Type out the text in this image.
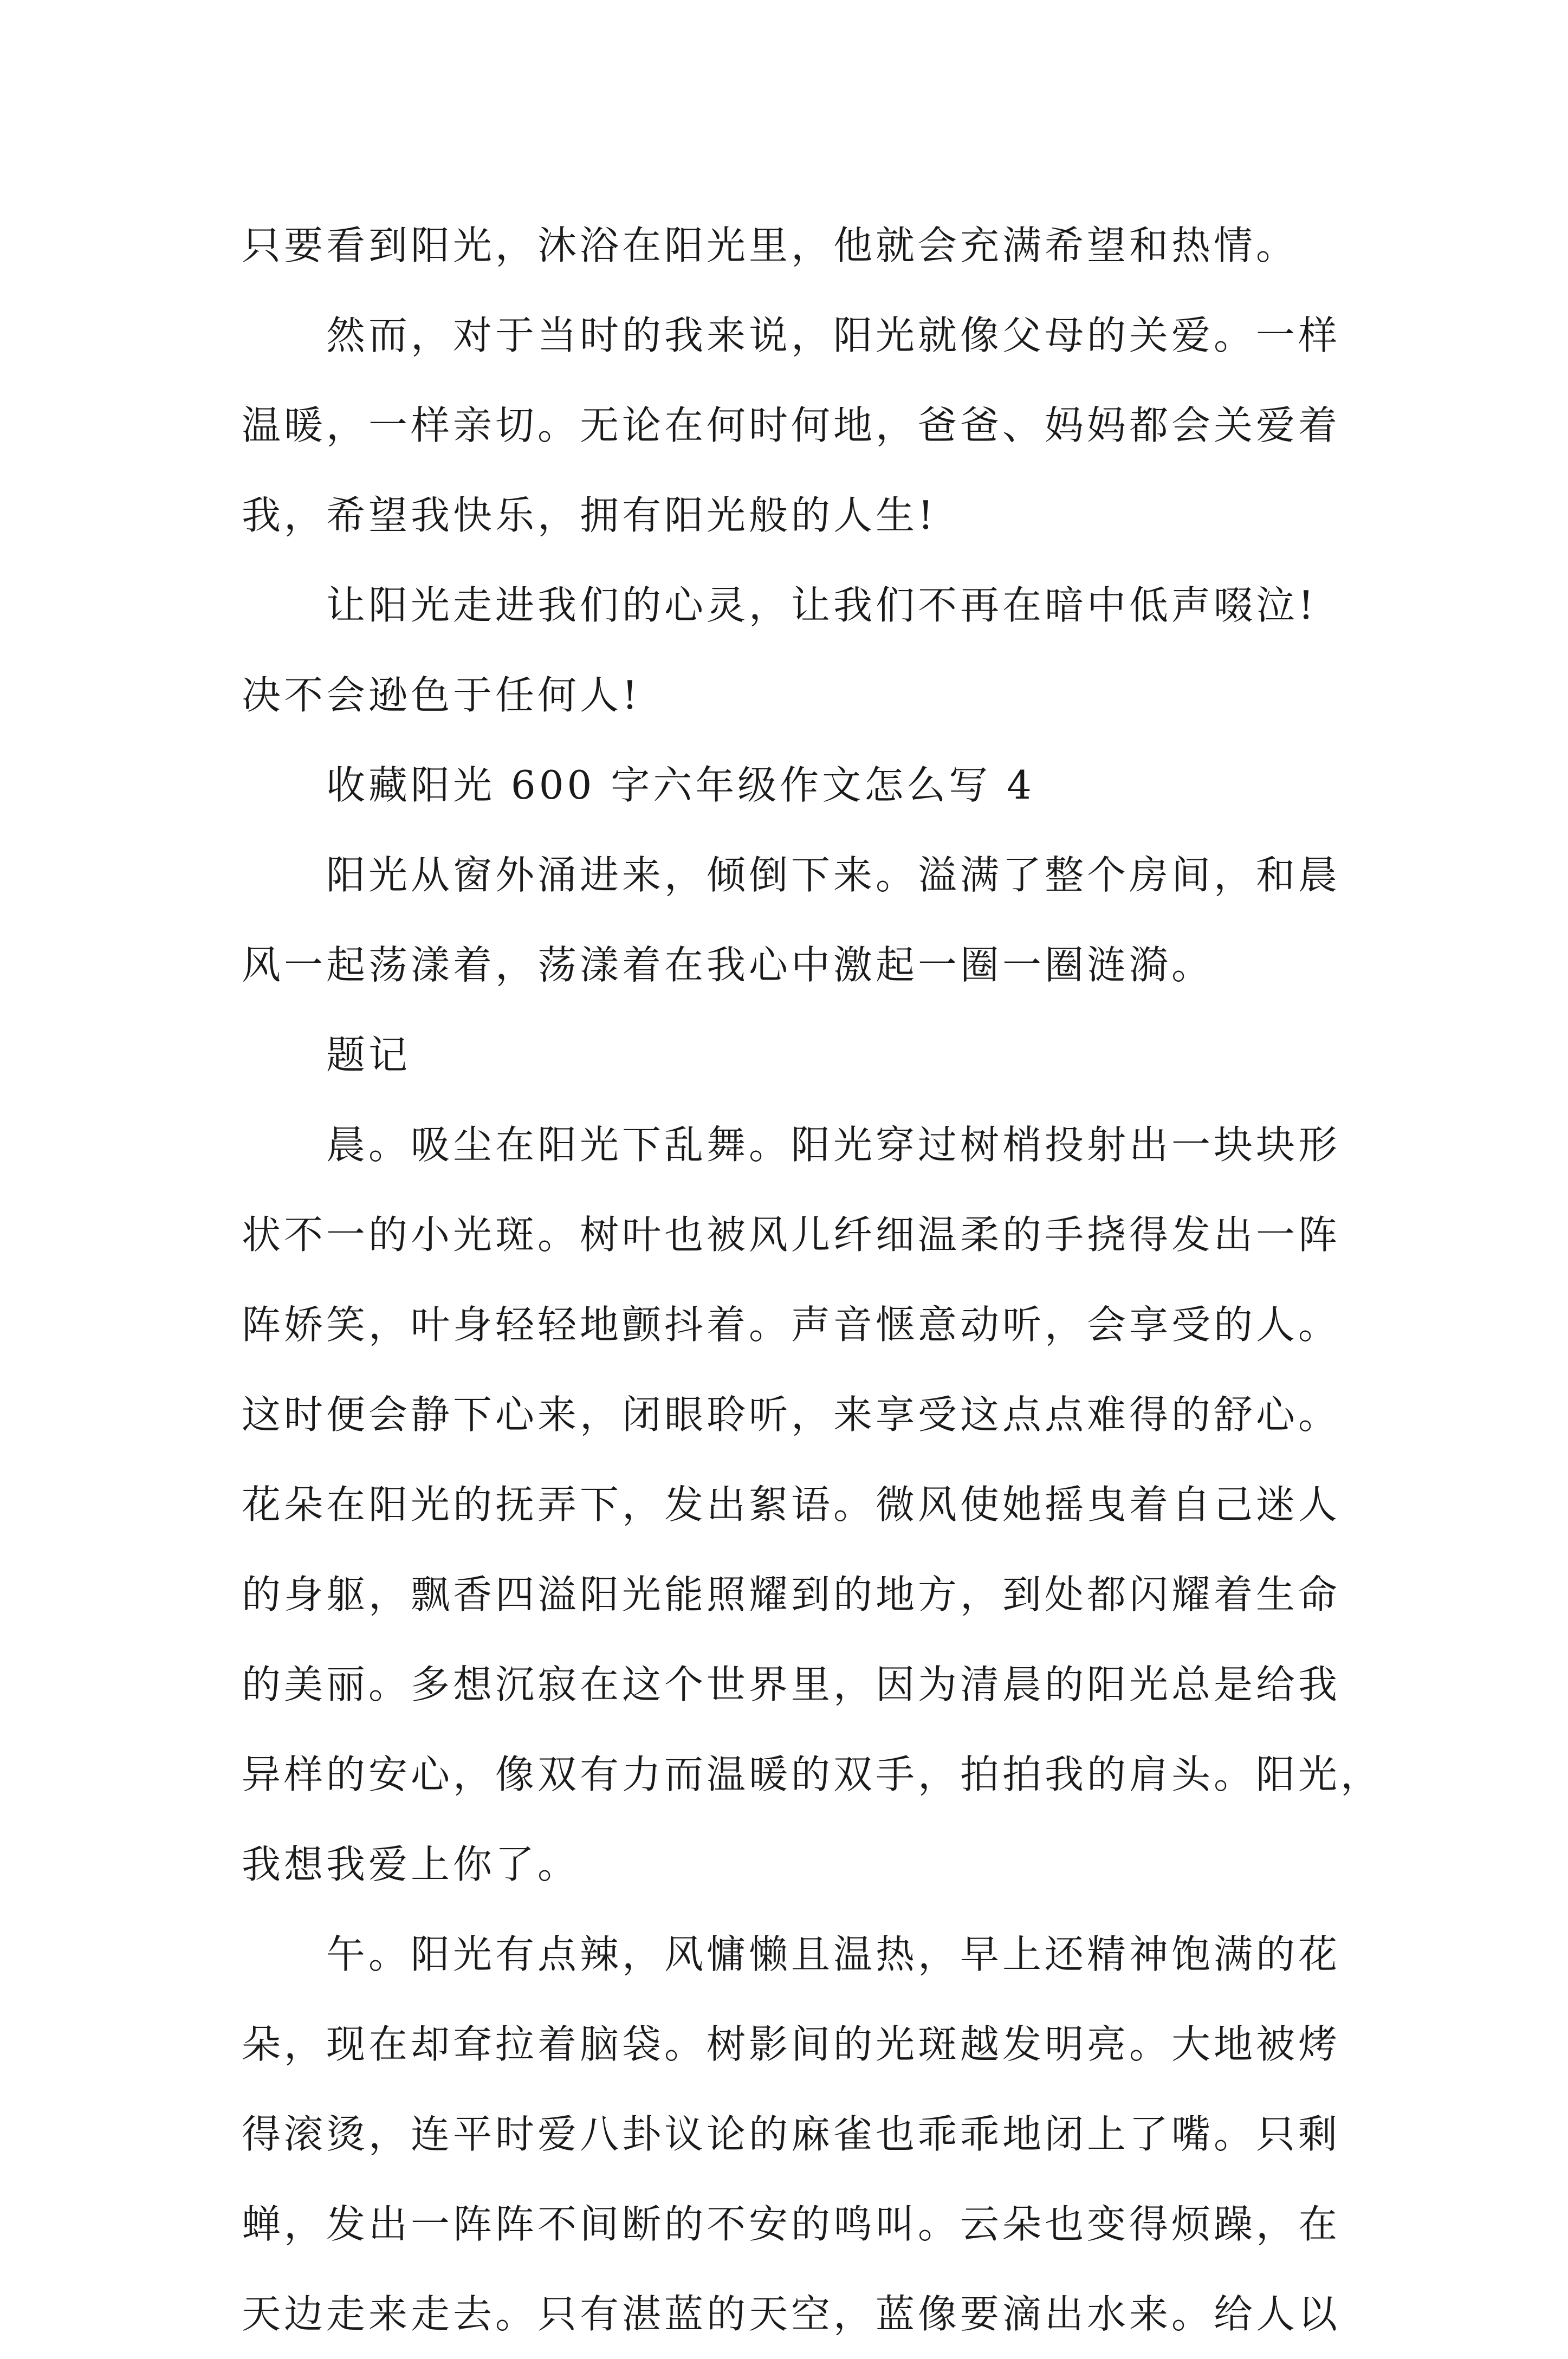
只要看到阳光，沐浴在阳光里，他就会充满希望和热情。
然而，对于当时的我来说，阳光就像父母的关爱。一样
温暖，一样亲切。无论在何时何地，爸爸、妈妈都会关爱着
我，希望我快乐，拥有阳光般的人生!
让阳光走进我们的心灵，让我们不再在暗中低声啜泣!
决不会逊色于任何人!
收藏阳光 600 字六年级作文怎么写 4
阳光从窗外涌进来，倾倒下来。溢满了整个房间，和晨
风一起荡漾着，荡漾着在我心中激起一圈一圈涟漪。
题记
晨。吸尘在阳光下乱舞。阳光穿过树梢投射出一块块形
状不一的小光斑。树叶也被风儿纤细温柔的手挠得发出一阵
阵娇笑，叶身轻轻地颤抖着。声音惬意动听，会享受的人。
这时便会静下心来，闭眼聆听，来享受这点点难得的舒心。
花朵在阳光的抚弄下，发出絮语。微风使她摇曳着自己迷人
的身躯，飘香四溢阳光能照耀到的地方，到处都闪耀着生命
的美丽。多想沉寂在这个世界里，因为清晨的阳光总是给我
异样的安心，像双有力而温暖的双手，拍拍我的肩头。阳光，
我想我爱上你了。
午。阳光有点辣，风慵懒且温热，早上还精神饱满的花
朵，现在却耷拉着脑袋。树影间的光斑越发明亮。大地被烤
得滚烫，连平时爱八卦议论的麻雀也乖乖地闭上了嘴。只剩
蝉，发出一阵阵不间断的不安的鸣叫。云朵也变得烦躁，在
天边走来走去。只有湛蓝的天空，蓝像要滴出水来。给人以
